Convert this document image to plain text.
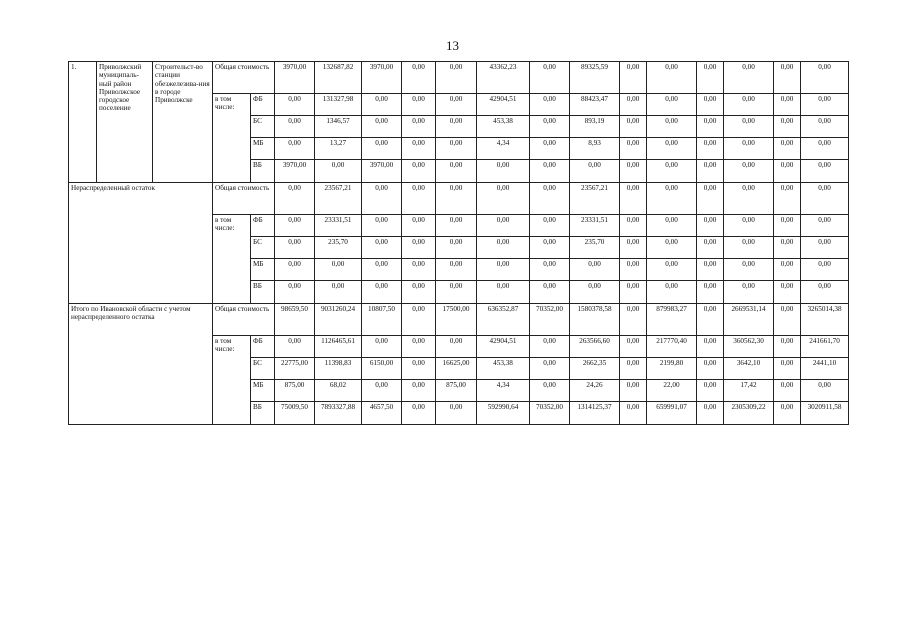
13
1.	Приволжский муниципаль-ный район Приволжское городское поселение	Строительст-во станции обезжелезива-ния в городе Приволжске	Общая стоимость		3970,00	132687,82	3970,00	0,00	0,00	43362,23	0,00	89325,59	0,00	0,00	0,00	0,00	0,00	0,00
			в том числе:	ФБ	0,00	131327,98	0,00	0,00	0,00	42904,51	0,00	88423,47	0,00	0,00	0,00	0,00	0,00	0,00
				БС	0,00	1346,57	0,00	0,00	0,00	453,38	0,00	893,19	0,00	0,00	0,00	0,00	0,00	0,00
				МБ	0,00	13,27	0,00	0,00	0,00	4,34	0,00	8,93	0,00	0,00	0,00	0,00	0,00	0,00
				ВБ	3970,00	0,00	3970,00	0,00	0,00	0,00	0,00	0,00	0,00	0,00	0,00	0,00	0,00	0,00
Нераспределенный остаток			Общая стоимость		0,00	23567,21	0,00	0,00	0,00	0,00	0,00	23567,21	0,00	0,00	0,00	0,00	0,00	0,00
			в том числе:	ФБ	0,00	23331,51	0,00	0,00	0,00	0,00	0,00	23331,51	0,00	0,00	0,00	0,00	0,00	0,00
				БС	0,00	235,70	0,00	0,00	0,00	0,00	0,00	235,70	0,00	0,00	0,00	0,00	0,00	0,00
				МБ	0,00	0,00	0,00	0,00	0,00	0,00	0,00	0,00	0,00	0,00	0,00	0,00	0,00	0,00
				ВБ	0,00	0,00	0,00	0,00	0,00	0,00	0,00	0,00	0,00	0,00	0,00	0,00	0,00	0,00
Итого по Ивановской области с учетом нераспределенного остатка			Общая стоимость		98659,50	9031260,24	10807,50	0,00	17500,00	636352,87	70352,00	1580378,58	0,00	879983,27	0,00	2669531,14	0,00	3265014,38
			в том числе:	ФБ	0,00	1126465,61	0,00	0,00	0,00	42904,51	0,00	263566,60	0,00	217770,40	0,00	360562,30	0,00	241661,70
				БС	22775,00	11398,83	6150,00	0,00	16625,00	453,38	0,00	2662,35	0,00	2199,80	0,00	3642,10	0,00	2441,10
				МБ	875,00	68,02	0,00	0,00	875,00	4,34	0,00	24,26	0,00	22,00	0,00	17,42	0,00	0,00
				ВБ	75009,50	7893327,88	4657,50	0,00	0,00	592990,64	70352,00	1314125,37	0,00	659991,07	0,00	2305309,22	0,00	3020911,58
